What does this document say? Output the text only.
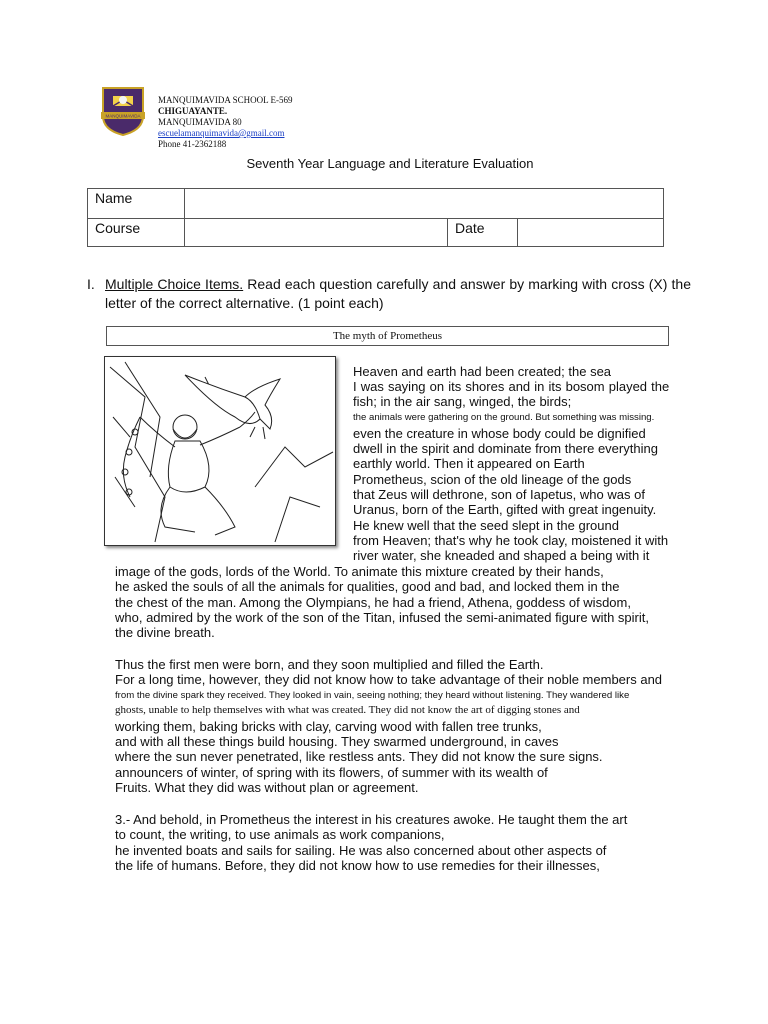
MANQUIMAVIDA
MANQUIMAVIDA SCHOOL E-569
CHIGUAYANTE.
MANQUIMAVIDA 80
escuelamanquimavida@gmail.com
Phone 41-2362188
Seventh Year Language and Literature Evaluation
Name
Course	Date
I. Multiple Choice Items. Read each question carefully and answer by marking with cross (X) the letter of the correct alternative. (1 point each)
The myth of Prometheus
Heaven and earth had been created; the sea
I was saying on its shores and in its bosom played the
fish; in the air sang, winged, the birds;
the animals were gathering on the ground. But something was missing.
even the creature in whose body could be dignified
dwell in the spirit and dominate from there everything
earthly world. Then it appeared on Earth
Prometheus, scion of the old lineage of the gods
that Zeus will dethrone, son of Iapetus, who was of
Uranus, born of the Earth, gifted with great ingenuity.
He knew well that the seed slept in the ground
from Heaven; that's why he took clay, moistened it with
river water, she kneaded and shaped a being with it
image of the gods, lords of the World. To animate this mixture created by their hands,
he asked the souls of all the animals for qualities, good and bad, and locked them in the
the chest of the man. Among the Olympians, he had a friend, Athena, goddess of wisdom,
who, admired by the work of the son of the Titan, infused the semi-animated figure with spirit,
the divine breath.
Thus the first men were born, and they soon multiplied and filled the Earth.
For a long time, however, they did not know how to take advantage of their noble members and
from the divine spark they received. They looked in vain, seeing nothing; they heard without listening. They wandered like
ghosts, unable to help themselves with what was created. They did not know the art of digging stones and
working them, baking bricks with clay, carving wood with fallen tree trunks,
and with all these things build housing. They swarmed underground, in caves
where the sun never penetrated, like restless ants. They did not know the sure signs.
announcers of winter, of spring with its flowers, of summer with its wealth of
Fruits. What they did was without plan or agreement.
3.- And behold, in Prometheus the interest in his creatures awoke. He taught them the art
to count, the writing, to use animals as work companions,
he invented boats and sails for sailing. He was also concerned about other aspects of
the life of humans. Before, they did not know how to use remedies for their illnesses,
